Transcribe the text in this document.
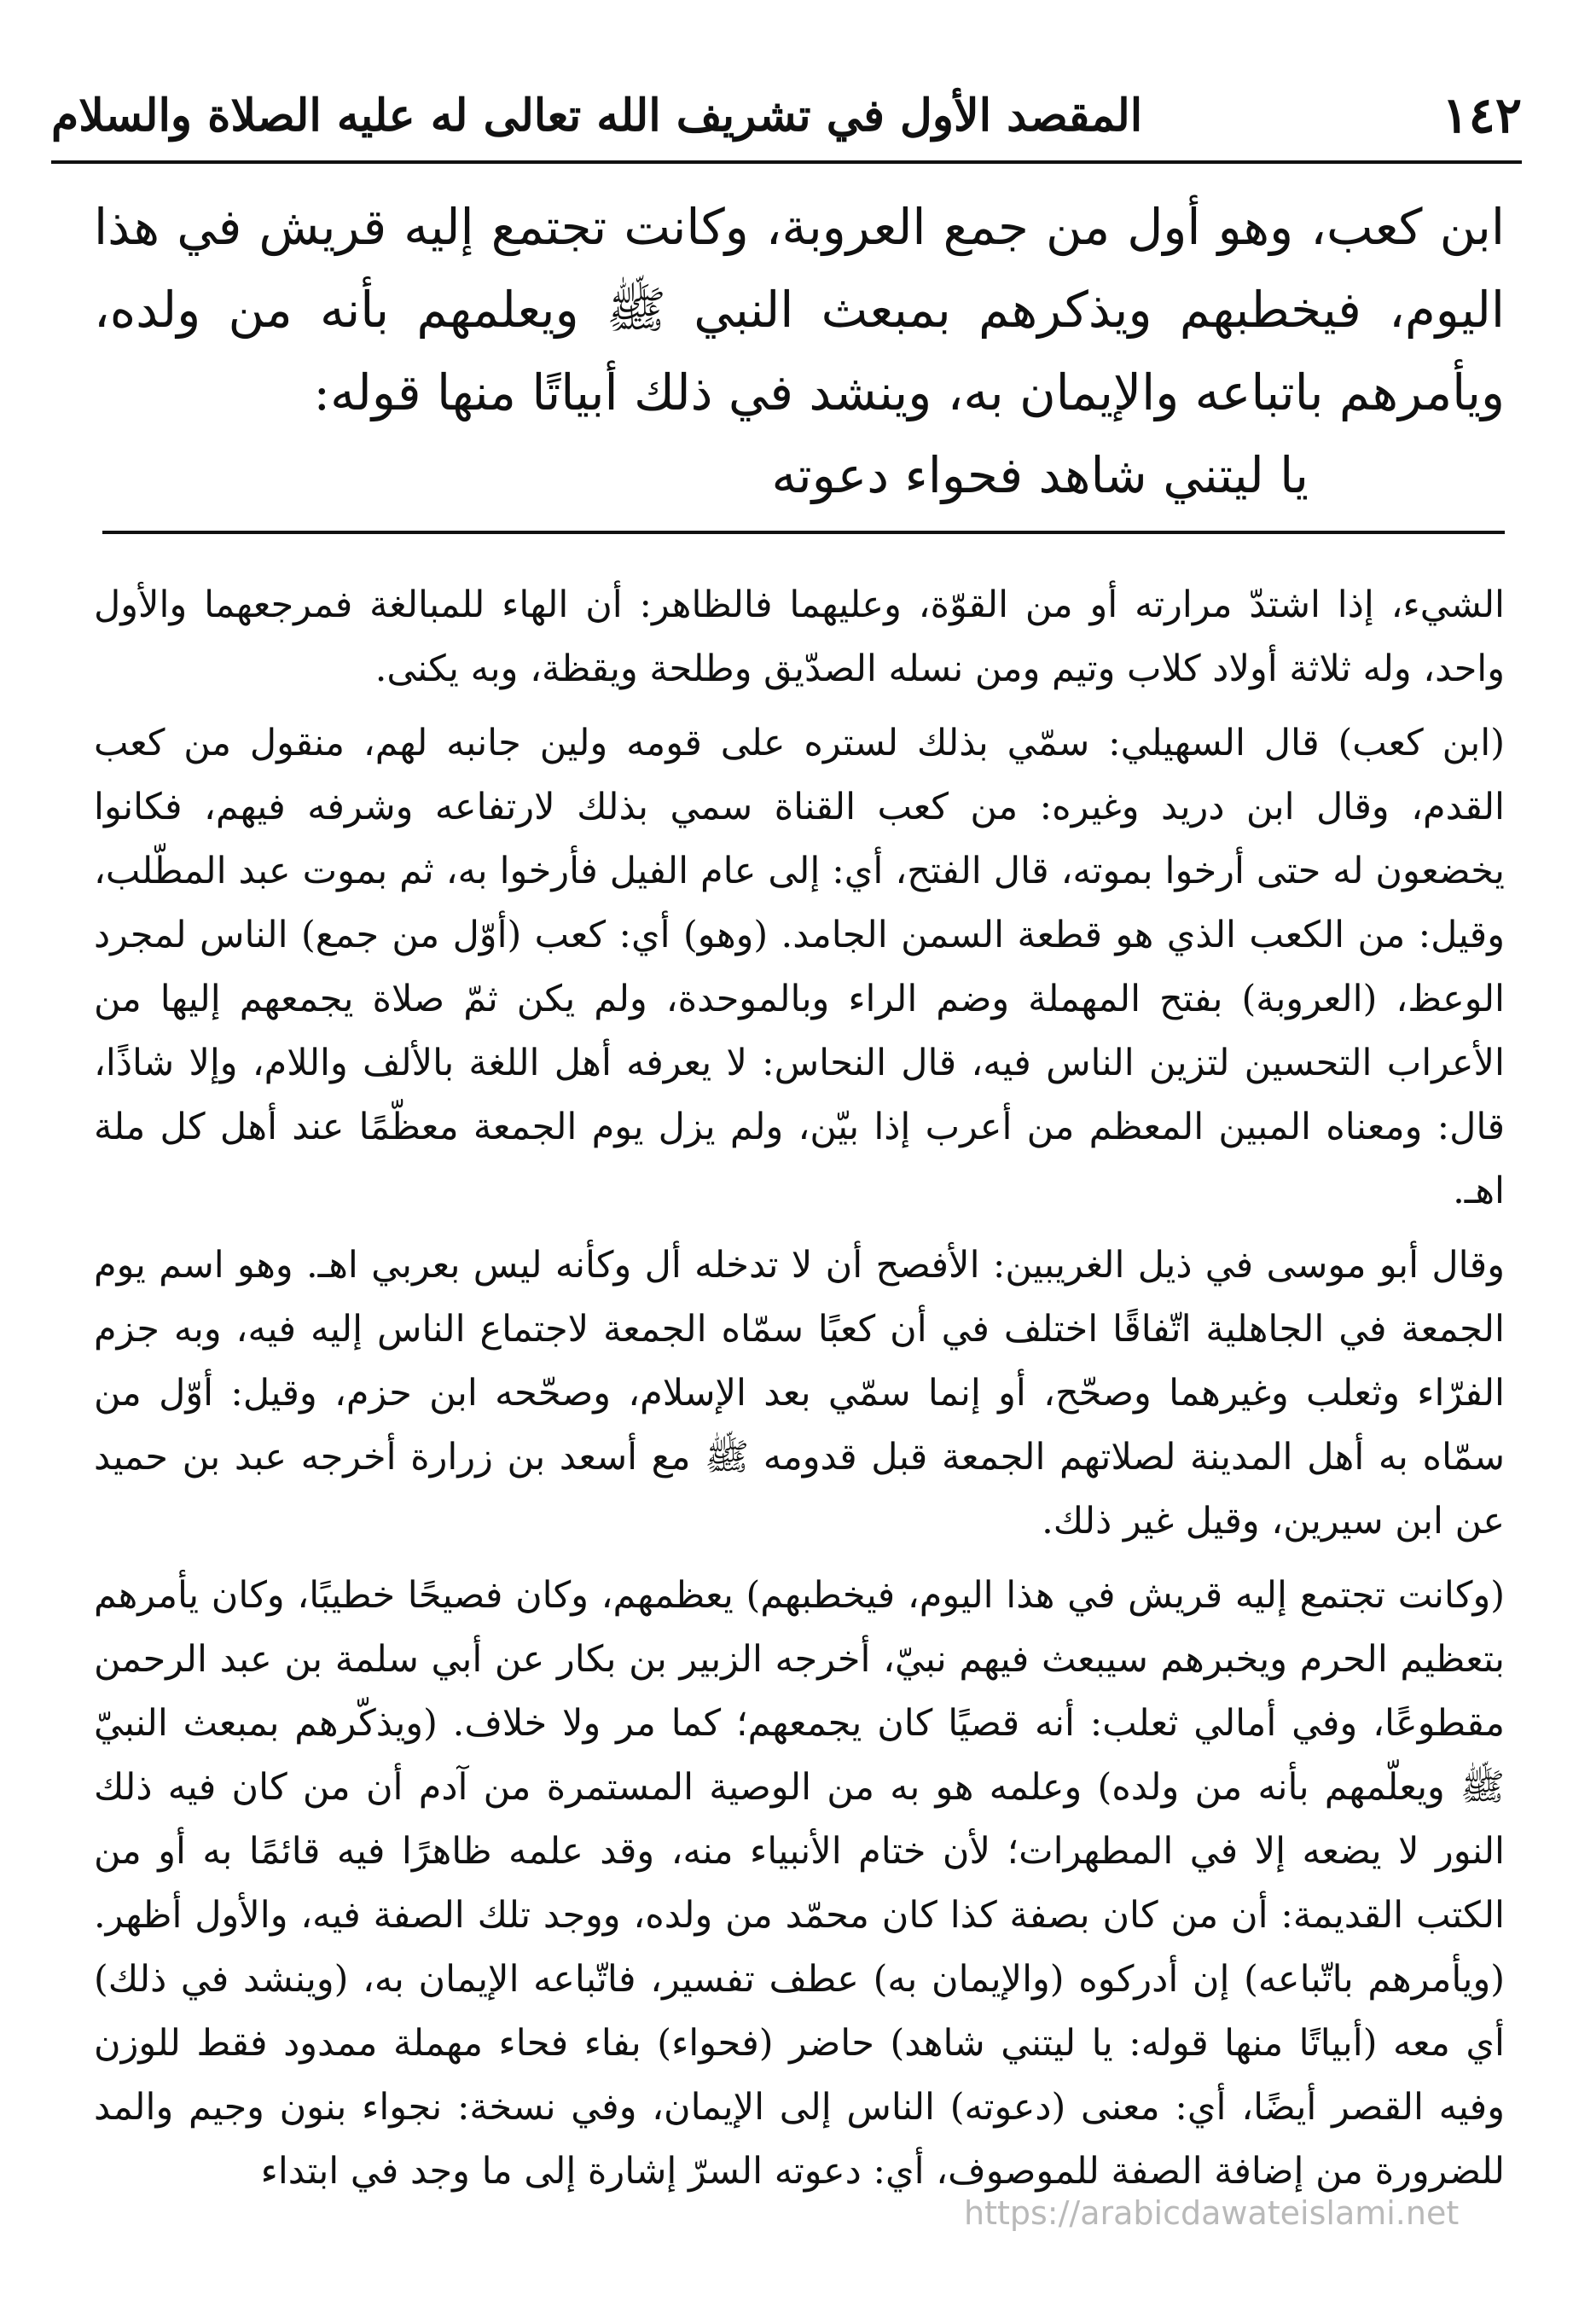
١٤٢
المقصد الأول في تشريف الله تعالى له عليه الصلاة والسلام

ابن كعب، وهو أول من جمع العروبة، وكانت تجتمع إليه قريش في هذا اليوم، فيخطبهم ويذكرهم بمبعث النبي ﷺ ويعلمهم بأنه من ولده، ويأمرهم باتباعه والإيمان به، وينشد في ذلك أبياتًا منها قوله:

يا ليتني شاهد فحواء دعوته

الشيء، إذا اشتدّ مرارته أو من القوّة، وعليهما فالظاهر: أن الهاء للمبالغة فمرجعهما والأول واحد، وله ثلاثة أولاد كلاب وتيم ومن نسله الصدّيق وطلحة ويقظة، وبه يكنى.

(ابن كعب) قال السهيلي: سمّي بذلك لستره على قومه ولين جانبه لهم، منقول من كعب القدم، وقال ابن دريد وغيره: من كعب القناة سمي بذلك لارتفاعه وشرفه فيهم، فكانوا يخضعون له حتى أرخوا بموته، قال الفتح، أي: إلى عام الفيل فأرخوا به، ثم بموت عبد المطّلب، وقيل: من الكعب الذي هو قطعة السمن الجامد. (وهو) أي: كعب (أوّل من جمع) الناس لمجرد الوعظ، (العروبة) بفتح المهملة وضم الراء وبالموحدة، ولم يكن ثمّ صلاة يجمعهم إليها من الأعراب التحسين لتزين الناس فيه، قال النحاس: لا يعرفه أهل اللغة بالألف واللام، وإلا شاذًا، قال: ومعناه المبين المعظم من أعرب إذا بيّن، ولم يزل يوم الجمعة معظّمًا عند أهل كل ملة اهـ.

وقال أبو موسى في ذيل الغريبين: الأفصح أن لا تدخله أل وكأنه ليس بعربي اهـ. وهو اسم يوم الجمعة في الجاهلية اتّفاقًا اختلف في أن كعبًا سمّاه الجمعة لاجتماع الناس إليه فيه، وبه جزم الفرّاء وثعلب وغيرهما وصحّح، أو إنما سمّي بعد الإسلام، وصحّحه ابن حزم، وقيل: أوّل من سمّاه به أهل المدينة لصلاتهم الجمعة قبل قدومه ﷺ مع أسعد بن زرارة أخرجه عبد بن حميد عن ابن سيرين، وقيل غير ذلك.

(وكانت تجتمع إليه قريش في هذا اليوم، فيخطبهم) يعظمهم، وكان فصيحًا خطيبًا، وكان يأمرهم بتعظيم الحرم ويخبرهم سيبعث فيهم نبيّ، أخرجه الزبير بن بكار عن أبي سلمة بن عبد الرحمن مقطوعًا، وفي أمالي ثعلب: أنه قصيًا كان يجمعهم؛ كما مر ولا خلاف. (ويذكّرهم بمبعث النبيّ ﷺ ويعلّمهم بأنه من ولده) وعلمه هو به من الوصية المستمرة من آدم أن من كان فيه ذلك النور لا يضعه إلا في المطهرات؛ لأن ختام الأنبياء منه، وقد علمه ظاهرًا فيه قائمًا به أو من الكتب القديمة: أن من كان بصفة كذا كان محمّد من ولده، ووجد تلك الصفة فيه، والأول أظهر. (ويأمرهم باتّباعه) إن أدركوه (والإيمان به) عطف تفسير، فاتّباعه الإيمان به، (وينشد في ذلك) أي معه (أبياتًا منها قوله: يا ليتني شاهد) حاضر (فحواء) بفاء فحاء مهملة ممدود فقط للوزن وفيه القصر أيضًا، أي: معنى (دعوته) الناس إلى الإيمان، وفي نسخة: نجواء بنون وجيم والمد للضرورة من إضافة الصفة للموصوف، أي: دعوته السرّ إشارة إلى ما وجد في ابتداء

https://arabicdawateislami.net
